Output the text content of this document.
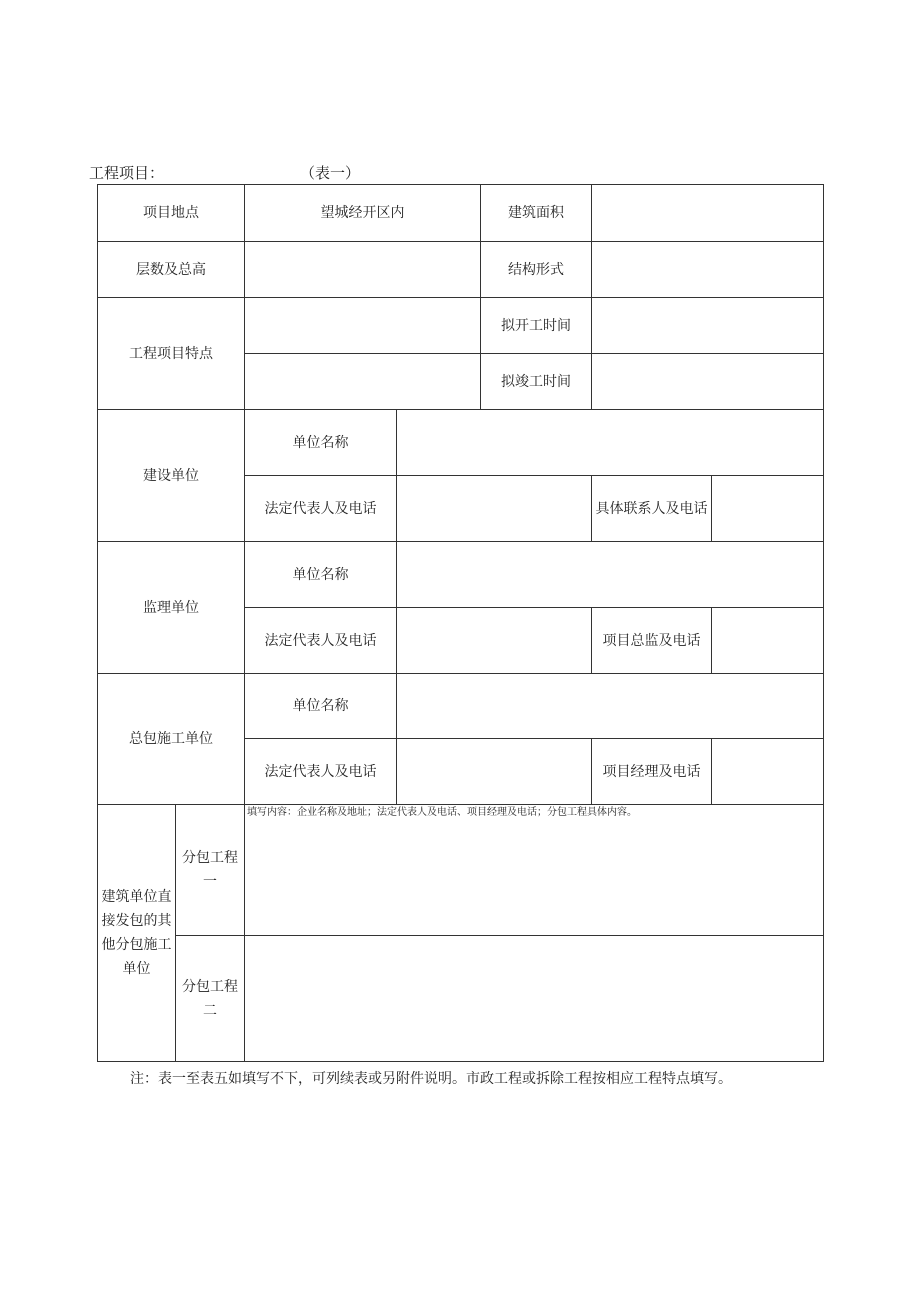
工程项目：	（表一）
项目地点		望城经开区内		建筑面积		
层数及总高				结构形式		
工程项目特点				拟开工时间		
				拟竣工时间		
建设单位		单位名称				
		法定代表人及电话			具体联系人及电话	
监理单位		单位名称				
		法定代表人及电话			项目总监及电话	
总包施工单位		单位名称				
		法定代表人及电话			项目经理及电话	
建筑单位直接发包的其他分包施工单位	分包工程一	填写内容：企业名称及地址；法定代表人及电话、项目经理及电话；分包工程具体内容。				
	分包工程二					
注：表一至表五如填写不下，可列续表或另附件说明。市政工程或拆除工程按相应工程特点填写。
